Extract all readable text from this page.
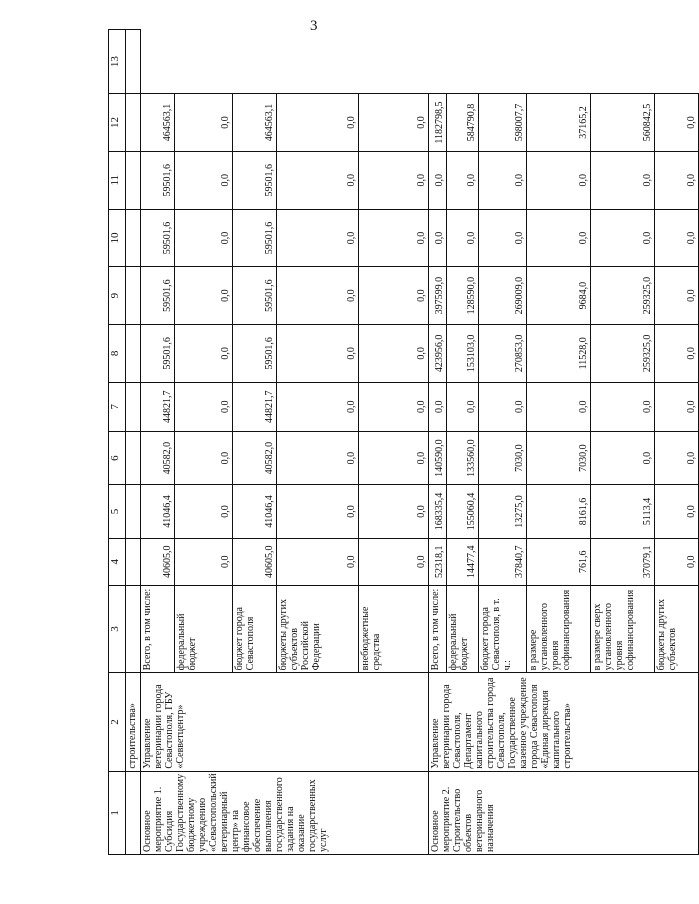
3
1	2	3	4	5	6	7	8	9	10	11	12	13
	строительства»											
Основное мероприятие 1. Субсидия Государственному бюджетному учреждению «Севастопольский ветеринарный центр» на финансовое обеспечение выполнения государственного задания на оказание государственных услуг	Управление ветеринарии города Севастополя, ГБУ «Севветцентр»	Всего, в том числе:	40605,0	41046,4	40582,0	44821,7	59501,6	59501,6	59501,6	59501,6	464563,1	
		федеральный бюджет	0,0	0,0	0,0	0,0	0,0	0,0	0,0	0,0	0,0	
		бюджет города Севастополя	40605,0	41046,4	40582,0	44821,7	59501,6	59501,6	59501,6	59501,6	464563,1	
		бюджеты других субъектов Российской Федерации	0,0	0,0	0,0	0,0	0,0	0,0	0,0	0,0	0,0	
		внебюджетные средства	0,0	0,0	0,0	0,0	0,0	0,0	0,0	0,0	0,0	
Основное мероприятие 2. Строительство объектов ветеринарного назначения	Управление ветеринарии города Севастополя, Департамент капитального строительства города Севастополя, Государственное казенное учреждение города Севастополя «Единая дирекция капитального строительства»	Всего, в том числе:	52318,1	168335,4	140590,0	0,0	423956,0	397599,0	0,0	0,0	1182798,5	
		федеральный бюджет	14477,4	155060,4	133560,0	0,0	153103,0	128590,0	0,0	0,0	584790,8	
		бюджет города Севастополя, в т. ч.:	37840,7	13275,0	7030,0	0,0	270853,0	269009,0	0,0	0,0	598007,7	
		в размере установленного уровня софинансирования	761,6	8161,6	7030,0	0,0	11528,0	9684,0	0,0	0,0	37165,2	
		в размере сверх установленного уровня софинансирования	37079,1	5113,4	0,0	0,0	259325,0	259325,0	0,0	0,0	560842,5	
		бюджеты других субъектов	0,0	0,0	0,0	0,0	0,0	0,0	0,0	0,0	0,0	
